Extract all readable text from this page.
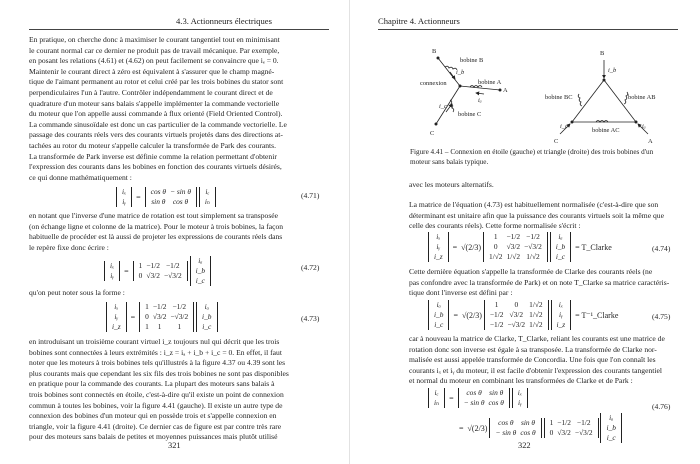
4.3. Actionneurs électriques
En pratique, on cherche donc à maximiser le courant tangentiel tout en minimisant
le courant normal car ce dernier ne produit pas de travail mécanique. Par exemple,
en posant les relations (4.61) et (4.62) on peut facilement se convaincre que iₑ = 0.
Maintenir le courant direct à zéro est équivalent à s'assurer que le champ magné-
tique de l'aimant permanent au rotor et celui créé par les trois bobines du stator sont
perpendiculaires l'un à l'autre. Contrôler indépendamment le courant direct et de
quadrature d'un moteur sans balais s'appelle implémenter la commande vectorielle
du moteur que l'on appelle aussi commande à flux orienté (Field Oriented Control).
La commande sinusoïdale est donc un cas particulier de la commande vectorielle. Le
passage des courants réels vers des courants virtuels projetés dans des directions at-
tachées au rotor du moteur s'appelle calculer la transformée de Park des courants.
La transformée de Park inverse est définie comme la relation permettant d'obtenir
l'expression des courants dans les bobines en fonction des courants virtuels désirés,
ce qui donne mathématiquement :
iₓ
iᵧ =
cos θ	− sin θ
sin θ	cos θ

iₑ
iₙ
(4.71)
en notant que l'inverse d'une matrice de rotation est tout simplement sa transposée
(on échange ligne et colonne de la matrice). Pour le moteur à trois bobines, la façon
habituelle de procéder est là aussi de projeter les expressions de courants réels dans
le repère fixe donc écrire :
iₓ
iᵧ =
1	−1/2	−1/2
0	√3/2	−√3/2

iₐ
i_b
i_c
(4.72)
qu'on peut noter sous la forme :
iₓ
iᵧ
i_z
=
1	−1/2	−1/2
0	√3/2	−√3/2
1	1	1

iₐ
i_b
i_c
(4.73)
en introduisant un troisième courant virtuel i_z toujours nul qui décrit que les trois
bobines sont connectées à leurs extrémités : i_z = iₐ + i_b + i_c = 0. En effet, il faut
noter que les moteurs à trois bobines tels qu'illustrés à la figure 4.37 ou 4.39 sont les
plus courants mais que cependant les six fils des trois bobines ne sont pas disponibles
en pratique pour la commande des courants. La plupart des moteurs sans balais à
trois bobines sont connectés en étoile, c'est-à-dire qu'il existe un point de connexion
commun à toutes les bobines, voir la figure 4.41 (gauche). Il existe un autre type de
connexion des bobines d'un moteur qui en possède trois et s'appelle connexion en
triangle, voir la figure 4.41 (droite). Ce dernier cas de figure est par contre très rare
pour des moteurs sans balais de petites et moyennes puissances mais plutôt utilisé
321
Chapitre 4. Actionneurs
B
A
C
connexion
bobine B
bobine A
bobine C
i_b
iₐ
i_c
B
A
C
bobine BC	bobine AB
bobine AC
i_b
iₐ
i_c
Figure 4.41 – Connexion en étoile (gauche) et triangle (droite) des trois bobines d'un
moteur sans balais typique.
avec les moteurs alternatifs.
La matrice de l'équation (4.73) est habituellement normalisée (c'est-à-dire que son
déterminant est unitaire afin que la puissance des courants virtuels soit la même que
celle des courants réels). Cette forme normalisée s'écrit :
iₓ
iᵧ
i_z
= √(2/3)
1	−1/2	−1/2
0	√3/2	−√3/2
1/√2	1/√2	1/√2

iₐ
i_b
i_c
= T_Clarke	(4.74)
Cette dernière équation s'appelle la transformée de Clarke des courants réels (ne
pas confondre avec la transformée de Park) et on note T_Clarke sa matrice caractéris-
tique dont l'inverse est défini par :
iₐ
i_b
i_c
= √(2/3)
1	0	1/√2
−1/2	√3/2	1/√2
−1/2	−√3/2	1/√2

iₓ
iᵧ
i_z
= T⁻¹_Clarke	(4.75)
car à nouveau la matrice de Clarke, T_Clarke, reliant les courants est une matrice de
rotation donc son inverse est égale à sa transposée. La transformée de Clarke nor-
malisée est aussi appelée transformée de Concordia. Une fois que l'on connaît les
courants iₓ et iᵧ du moteur, il est facile d'obtenir l'expression des courants tangentiel
et normal du moteur en combinant les transformées de Clarke et de Park :
iₑ
iₙ =
cos θ	sin θ
− sin θ	cos θ

iₓ
iᵧ
= √(2/3)
cos θ	sin θ
− sin θ	cos θ

1	−1/2	−1/2
0	√3/2	−√3/2

iₐ
i_b
i_c
(4.76)
322
